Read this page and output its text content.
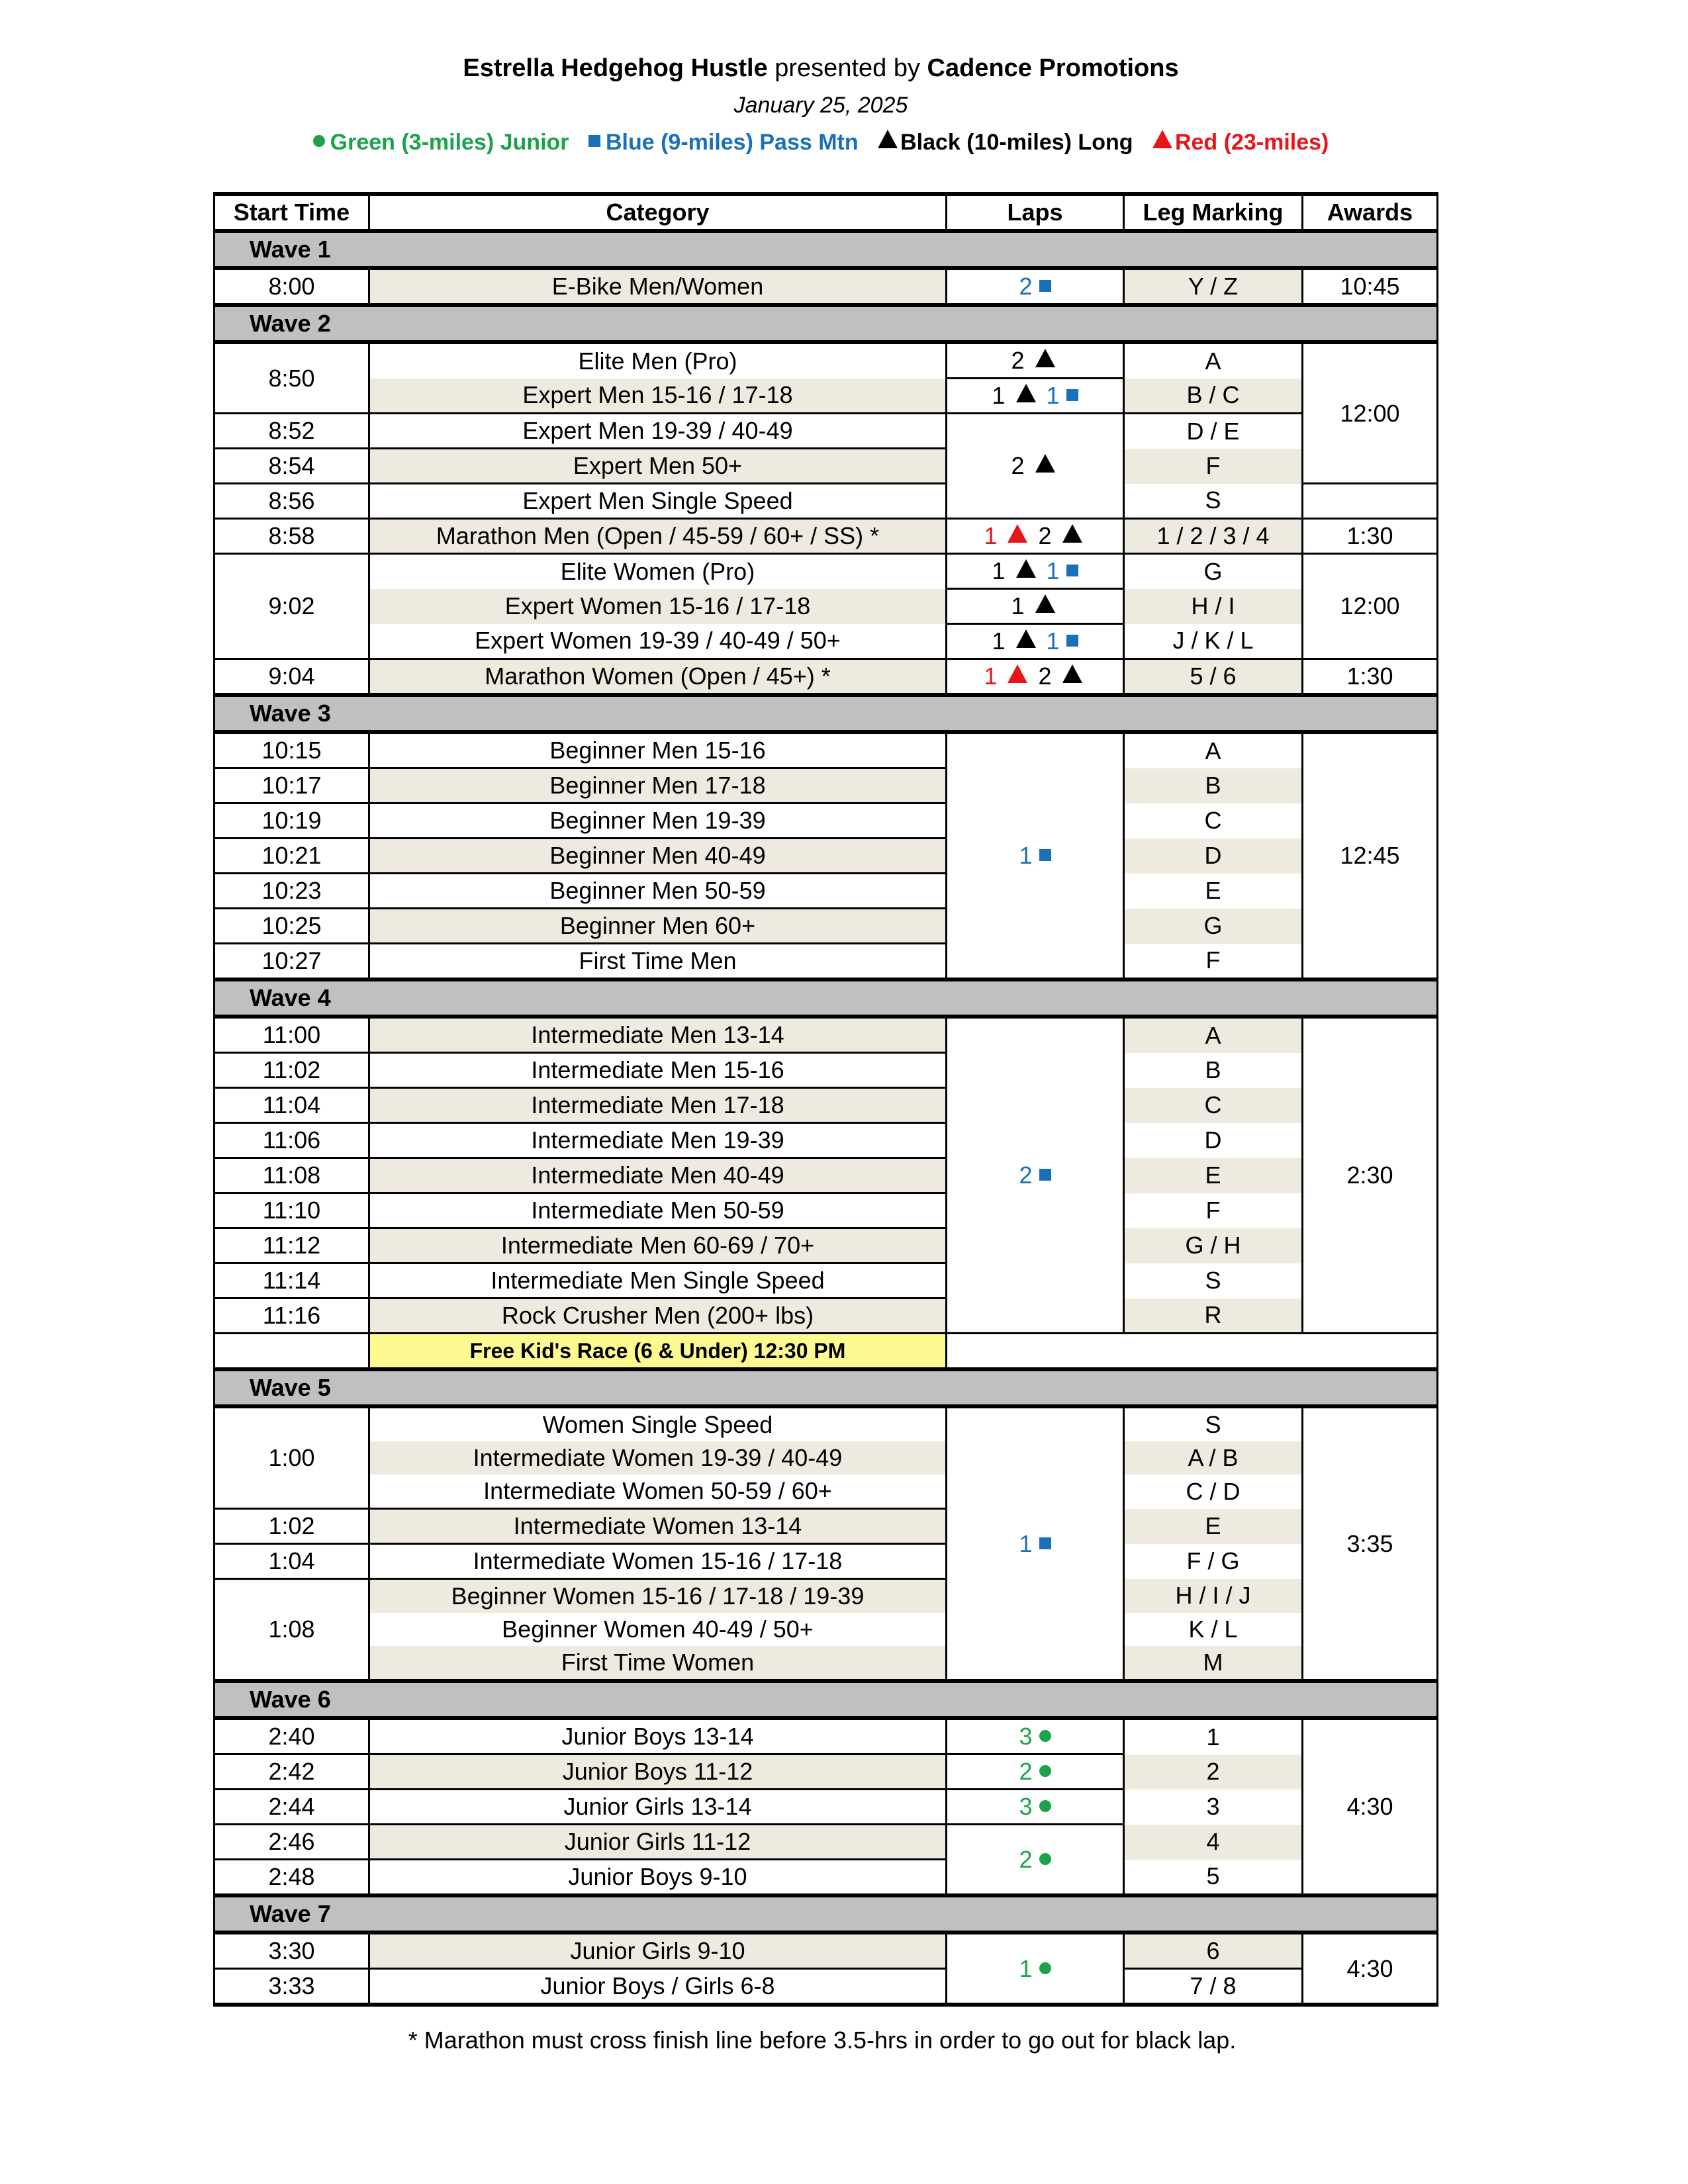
Estrella Hedgehog Hustle presented by Cadence Promotions
January 25, 2025
Green (3-miles) Junior Blue (9-miles) Pass Mtn Black (10-miles) Long Red (23-miles)
Start Time	Category	Laps	Leg Marking	Awards
Wave 1				
8:00	E-Bike Men/Women	2	Y / Z	10:45
Wave 2				
8:50	Elite Men (Pro)	2	A	12:00
	Expert Men 15-16 / 17-18	1 1	B / C	
8:52	Expert Men 19-39 / 40-49	2	D / E	
8:54	Expert Men 50+		F	
8:56	Expert Men Single Speed		S	
8:58	Marathon Men (Open / 45-59 / 60+ / SS) *	1 2	1 / 2 / 3 / 4	1:30
9:02	Elite Women (Pro)	1 1	G	12:00
	Expert Women 15-16 / 17-18	1	H / I	
	Expert Women 19-39 / 40-49 / 50+	1 1	J / K / L	
9:04	Marathon Women (Open / 45+) *	1 2	5 / 6	1:30
Wave 3				
10:15	Beginner Men 15-16	1	A	12:45
10:17	Beginner Men 17-18		B	
10:19	Beginner Men 19-39		C	
10:21	Beginner Men 40-49		D	
10:23	Beginner Men 50-59		E	
10:25	Beginner Men 60+		G	
10:27	First Time Men		F	
Wave 4				
11:00	Intermediate Men 13-14	2	A	2:30
11:02	Intermediate Men 15-16		B	
11:04	Intermediate Men 17-18		C	
11:06	Intermediate Men 19-39		D	
11:08	Intermediate Men 40-49		E	
11:10	Intermediate Men 50-59		F	
11:12	Intermediate Men 60-69 / 70+		G / H	
11:14	Intermediate Men Single Speed		S	
11:16	Rock Crusher Men (200+ lbs)		R	
	Free Kid's Race (6 & Under) 12:30 PM			
Wave 5				
1:00	Women Single Speed	1	S	3:35
	Intermediate Women 19-39 / 40-49		A / B	
	Intermediate Women 50-59 / 60+		C / D	
1:02	Intermediate Women 13-14		E	
1:04	Intermediate Women 15-16 / 17-18		F / G	
1:08	Beginner Women 15-16 / 17-18 / 19-39		H / I / J	
	Beginner Women 40-49 / 50+		K / L	
	First Time Women		M	
Wave 6				
2:40	Junior Boys 13-14	3	1	4:30
2:42	Junior Boys 11-12	2	2	
2:44	Junior Girls 13-14	3	3	
2:46	Junior Girls 11-12	2	4	
2:48	Junior Boys 9-10		5	
Wave 7				
3:30	Junior Girls 9-10	1	6	4:30
3:33	Junior Boys / Girls 6-8		7 / 8	
* Marathon must cross finish line before 3.5-hrs in order to go out for black lap.
